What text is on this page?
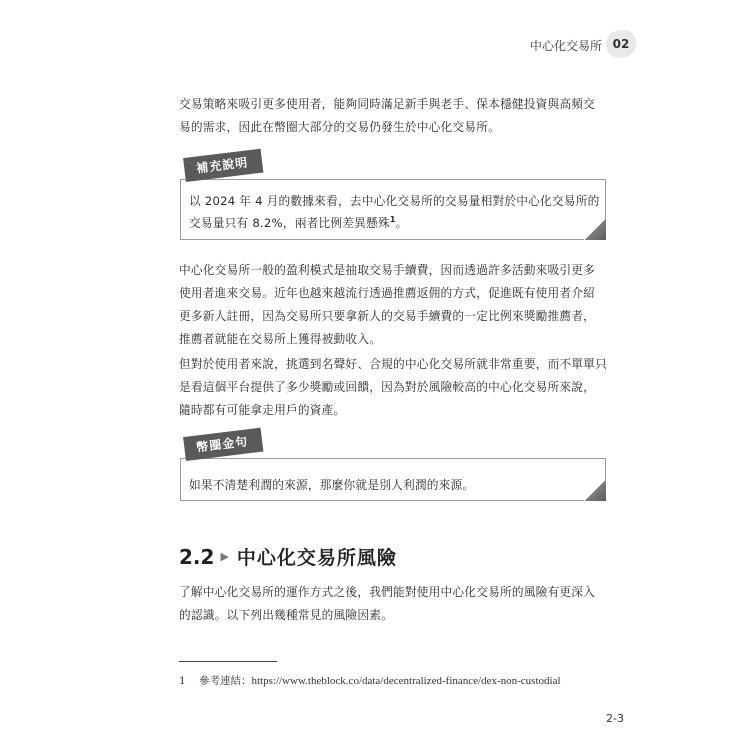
中心化交易所 02
交易策略來吸引更多使用者，能夠同時滿足新手與老手、保本穩健投資與高頻交
易的需求，因此在幣圈大部分的交易仍發生於中心化交易所。
補充說明
以 2024 年 4 月的數據來看，去中心化交易所的交易量相對於中心化交易所的
交易量只有 8.2%，兩者比例差異懸殊$^1$。
中心化交易所一般的盈利模式是抽取交易手續費，因而透過許多活動來吸引更多
使用者進來交易。近年也越來越流行透過推薦返佣的方式，促進既有使用者介紹
更多新人註冊，因為交易所只要拿新人的交易手續費的一定比例來獎勵推薦者，
推薦者就能在交易所上獲得被動收入。
但對於使用者來說，挑選到名聲好、合規的中心化交易所就非常重要，而不單單只
是看這個平台提供了多少獎勵或回饋，因為對於風險較高的中心化交易所來說，
隨時都有可能拿走用戶的資產。
幣圈金句
如果不清楚利潤的來源，那麼你就是別人利潤的來源。
2.2 ▶ 中心化交易所風險
了解中心化交易所的運作方式之後，我們能對使用中心化交易所的風險有更深入
的認識。以下列出幾種常見的風險因素。
1 參考連結：https://www.theblock.co/data/decentralized-finance/dex-non-custodial
2-3
